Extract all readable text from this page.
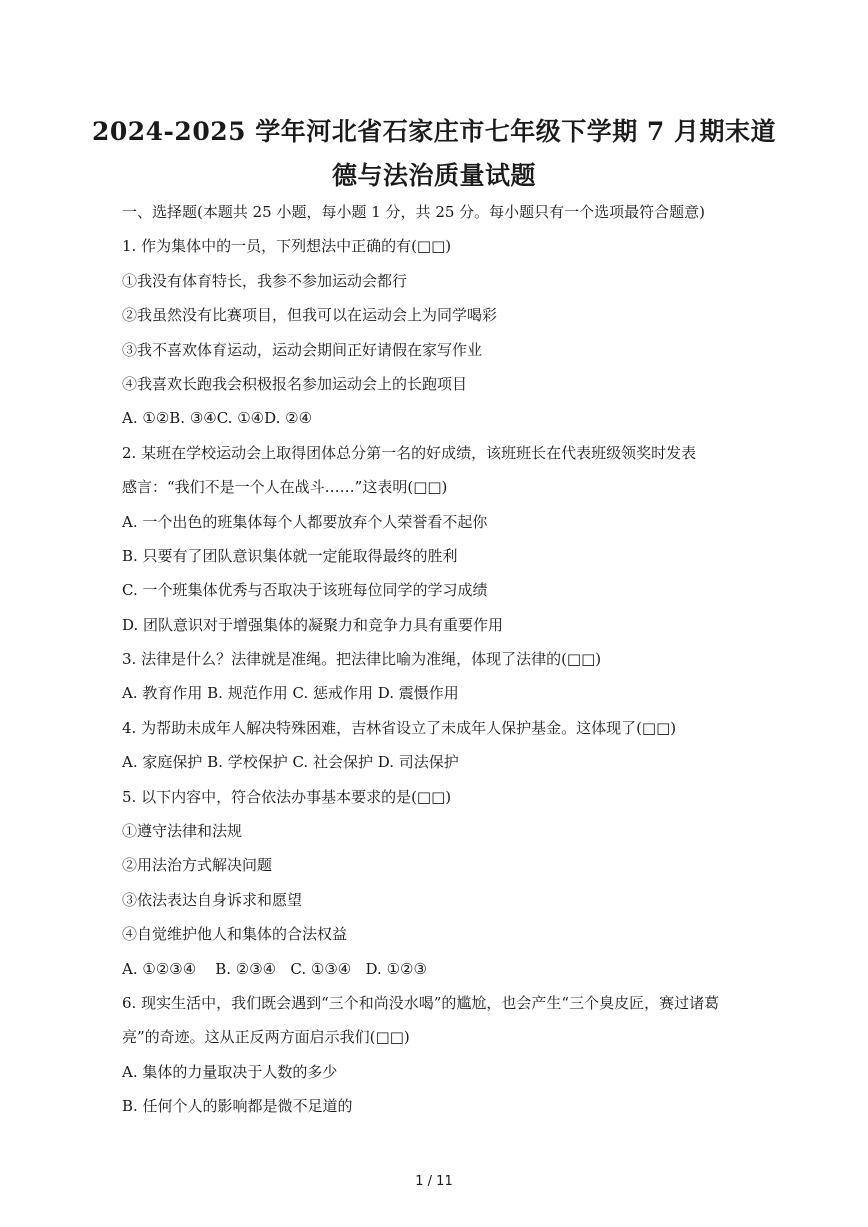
2024-2025 学年河北省石家庄市七年级下学期 7 月期末道
德与法治质量试题
一、选择题(本题共 25 小题，每小题 1 分，共 25 分。每小题只有一个选项最符合题意)
1. 作为集体中的一员，下列想法中正确的有(□□)
①我没有体育特长，我参不参加运动会都行
②我虽然没有比赛项目，但我可以在运动会上为同学喝彩
③我不喜欢体育运动，运动会期间正好请假在家写作业
④我喜欢长跑我会积极报名参加运动会上的长跑项目
A. ①②B. ③④C. ①④D. ②④
2. 某班在学校运动会上取得团体总分第一名的好成绩，该班班长在代表班级领奖时发表
感言：“我们不是一个人在战斗……”这表明(□□)
A. 一个出色的班集体每个人都要放弃个人荣誉看不起你
B. 只要有了团队意识集体就一定能取得最终的胜利
C. 一个班集体优秀与否取决于该班每位同学的学习成绩
D. 团队意识对于增强集体的凝聚力和竞争力具有重要作用
3. 法律是什么？法律就是准绳。把法律比喻为准绳，体现了法律的(□□)
A. 教育作用 B. 规范作用 C. 惩戒作用 D. 震慑作用
4. 为帮助未成年人解决特殊困难，吉林省设立了未成年人保护基金。这体现了(□□)
A. 家庭保护 B. 学校保护 C. 社会保护 D. 司法保护
5. 以下内容中，符合依法办事基本要求的是(□□)
①遵守法律和法规
②用法治方式解决问题
③依法表达自身诉求和愿望
④自觉维护他人和集体的合法权益
A. ①②③④    B. ②③④   C. ①③④   D. ①②③
6. 现实生活中，我们既会遇到“三个和尚没水喝”的尴尬，也会产生“三个臭皮匠，赛过诸葛
亮”的奇迹。这从正反两方面启示我们(□□)
A. 集体的力量取决于人数的多少
B. 任何个人的影响都是微不足道的
1 / 11
